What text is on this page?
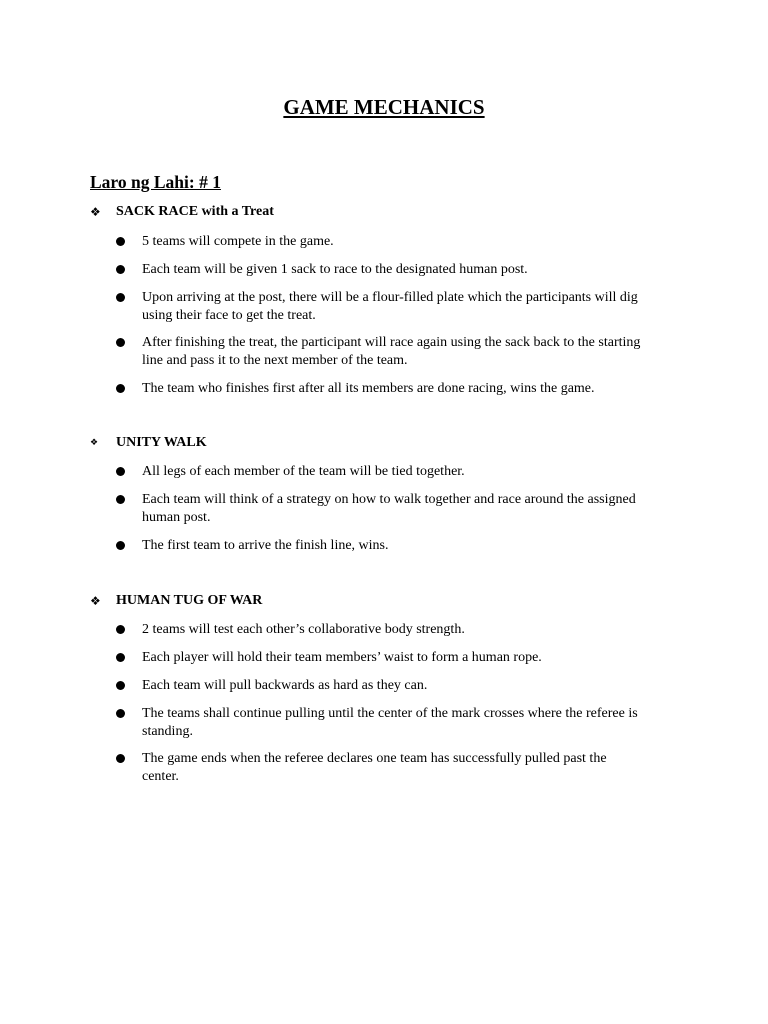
GAME MECHANICS
Laro ng Lahi: # 1
❖	SACK RACE with a Treat
5 teams will compete in the game.
Each team will be given 1 sack to race to the designated human post.
Upon arriving at the post, there will be a flour-filled plate which the participants will dig using their face to get the treat.
After finishing the treat, the participant will race again using the sack back to the starting line and pass it to the next member of the team.
The team who finishes first after all its members are done racing, wins the game.
❖	UNITY WALK
All legs of each member of the team will be tied together.
Each team will think of a strategy on how to walk together and race around the assigned human post.
The first team to arrive the finish line, wins.
❖	HUMAN TUG OF WAR
2 teams will test each other’s collaborative body strength.
Each player will hold their team members’ waist to form a human rope.
Each team will pull backwards as hard as they can.
The teams shall continue pulling until the center of the mark crosses where the referee is standing.
The game ends when the referee declares one team has successfully pulled past the center.
